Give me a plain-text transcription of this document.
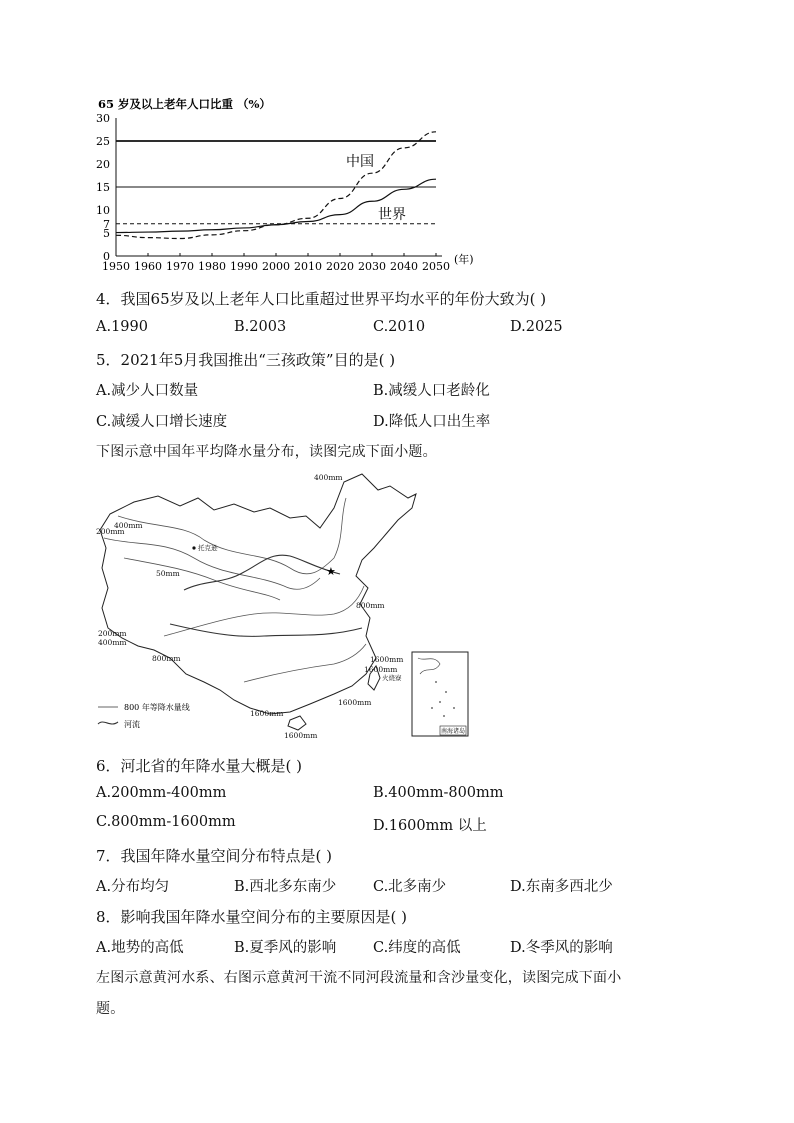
65 岁及以上老年人口比重 （%）
0
5
7
10
15
20
25
30
1950 1960 1970 1980 1990 2000 2010 2020 2030 2040 2050
中国
世界
(年)
4．我国65岁及以上老年人口比重超过世界平均水平的年份大致为( )
A.1990	B.2003	C.2010	D.2025
5．2021年5月我国推出“三孩政策”目的是( )
A.减少人口数量	B.减缓人口老龄化
C.减缓人口增长速度	D.降低人口出生率
下图示意中国年平均降水量分布，读图完成下面小题。
★
400mm
400mm
200mm
50mm
200mm
400mm
800mm
800mm
1600mm
1600mm
1600mm
1600mm
1600mm
托克逊
火烧寮
800 年等降水量线
河流
南海诸岛
6．河北省的年降水量大概是( )
A.200mm-400mm	B.400mm-800mm
C.800mm-1600mm	D.1600mm 以上
7．我国年降水量空间分布特点是( )
A.分布均匀	B.西北多东南少	C.北多南少	D.东南多西北少
8．影响我国年降水量空间分布的主要原因是( )
A.地势的高低	B.夏季风的影响	C.纬度的高低	D.冬季风的影响
左图示意黄河水系、右图示意黄河干流不同河段流量和含沙量变化，读图完成下面小
题。
